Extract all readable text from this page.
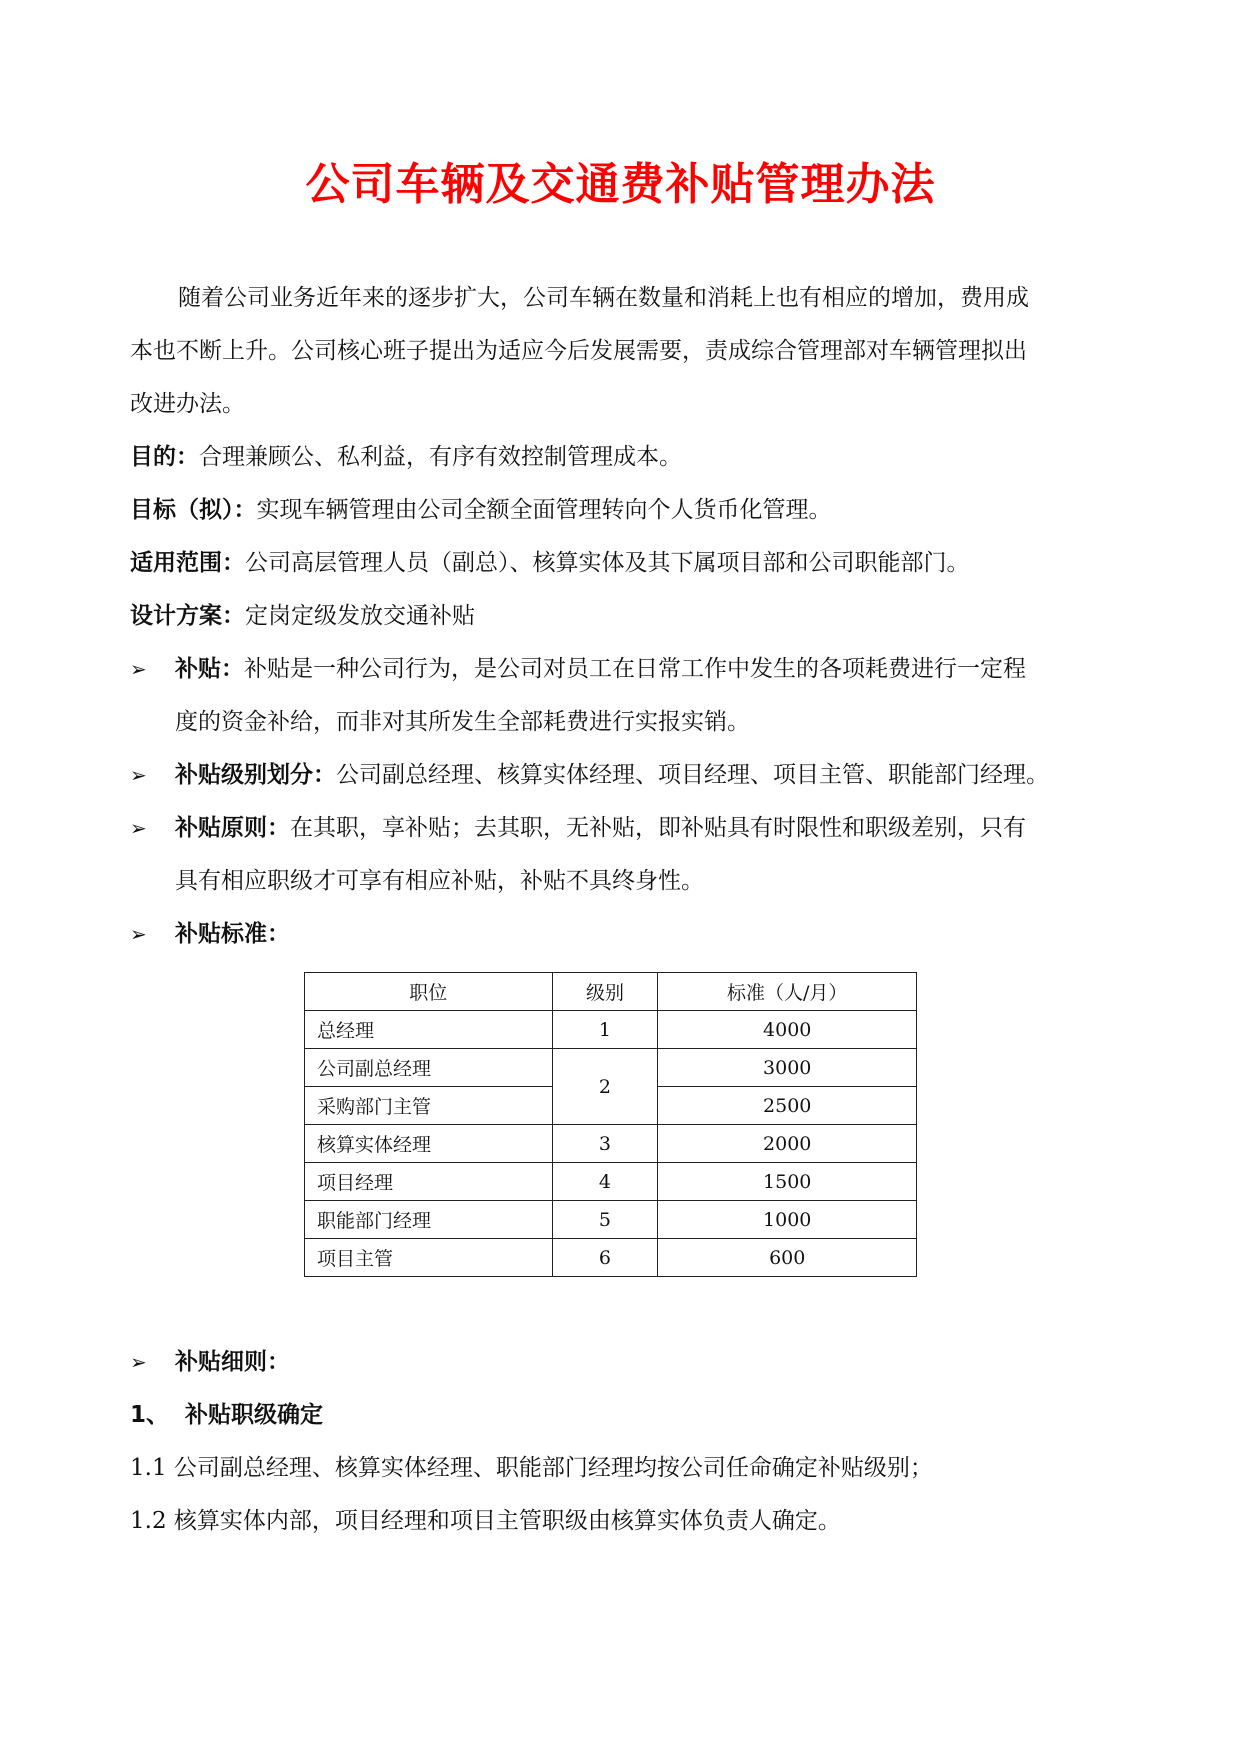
公司车辆及交通费补贴管理办法
随着公司业务近年来的逐步扩大，公司车辆在数量和消耗上也有相应的增加，费用成
本也不断上升。公司核心班子提出为适应今后发展需要，责成综合管理部对车辆管理拟出
改进办法。
目的：合理兼顾公、私利益，有序有效控制管理成本。
目标（拟）：实现车辆管理由公司全额全面管理转向个人货币化管理。
适用范围：公司高层管理人员（副总）、核算实体及其下属项目部和公司职能部门。
设计方案：定岗定级发放交通补贴
➢ 补贴：补贴是一种公司行为，是公司对员工在日常工作中发生的各项耗费进行一定程
度的资金补给，而非对其所发生全部耗费进行实报实销。
➢ 补贴级别划分：公司副总经理、核算实体经理、项目经理、项目主管、职能部门经理。
➢ 补贴原则：在其职，享补贴；去其职，无补贴，即补贴具有时限性和职级差别，只有
具有相应职级才可享有相应补贴，补贴不具终身性。
➢ 补贴标准：
职位	级别	标准（人/月）
总经理	1	4000
公司副总经理	2	3000
采购部门主管		2500
核算实体经理	3	2000
项目经理	4	1500
职能部门经理	5	1000
项目主管	6	600
➢ 补贴细则：
1、  补贴职级确定
1.1 公司副总经理、核算实体经理、职能部门经理均按公司任命确定补贴级别；
1.2 核算实体内部，项目经理和项目主管职级由核算实体负责人确定。
